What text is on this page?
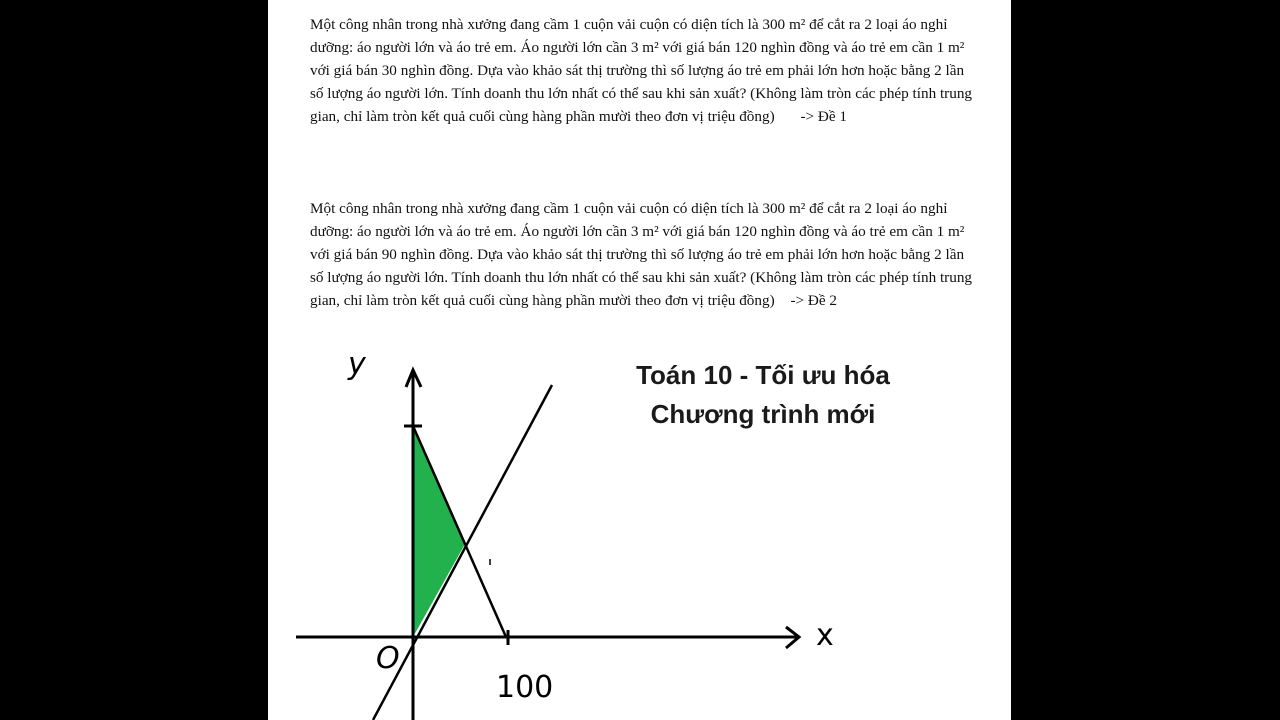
Một công nhân trong nhà xưởng đang cầm 1 cuộn vải cuộn có diện tích là 300 m² để cắt ra 2 loại áo nghỉ dưỡng: áo người lớn và áo trẻ em. Áo người lớn cần 3 m² với giá bán 120 nghìn đồng và áo trẻ em cần 1 m² với giá bán 30 nghìn đồng. Dựa vào khảo sát thị trường thì số lượng áo trẻ em phải lớn hơn hoặc bằng 2 lần số lượng áo người lớn. Tính doanh thu lớn nhất có thể sau khi sản xuất? (Không làm tròn các phép tính trung gian, chỉ làm tròn kết quả cuối cùng hàng phần mười theo đơn vị triệu đồng) -> Đề 1
Một công nhân trong nhà xưởng đang cầm 1 cuộn vải cuộn có diện tích là 300 m² để cắt ra 2 loại áo nghỉ dưỡng: áo người lớn và áo trẻ em. Áo người lớn cần 3 m² với giá bán 120 nghìn đồng và áo trẻ em cần 1 m² với giá bán 90 nghìn đồng. Dựa vào khảo sát thị trường thì số lượng áo trẻ em phải lớn hơn hoặc bằng 2 lần số lượng áo người lớn. Tính doanh thu lớn nhất có thể sau khi sản xuất? (Không làm tròn các phép tính trung gian, chỉ làm tròn kết quả cuối cùng hàng phần mười theo đơn vị triệu đồng) -> Đề 2
Toán 10 - Tối ưu hóa
Chương trình mới
y
x
O
100
